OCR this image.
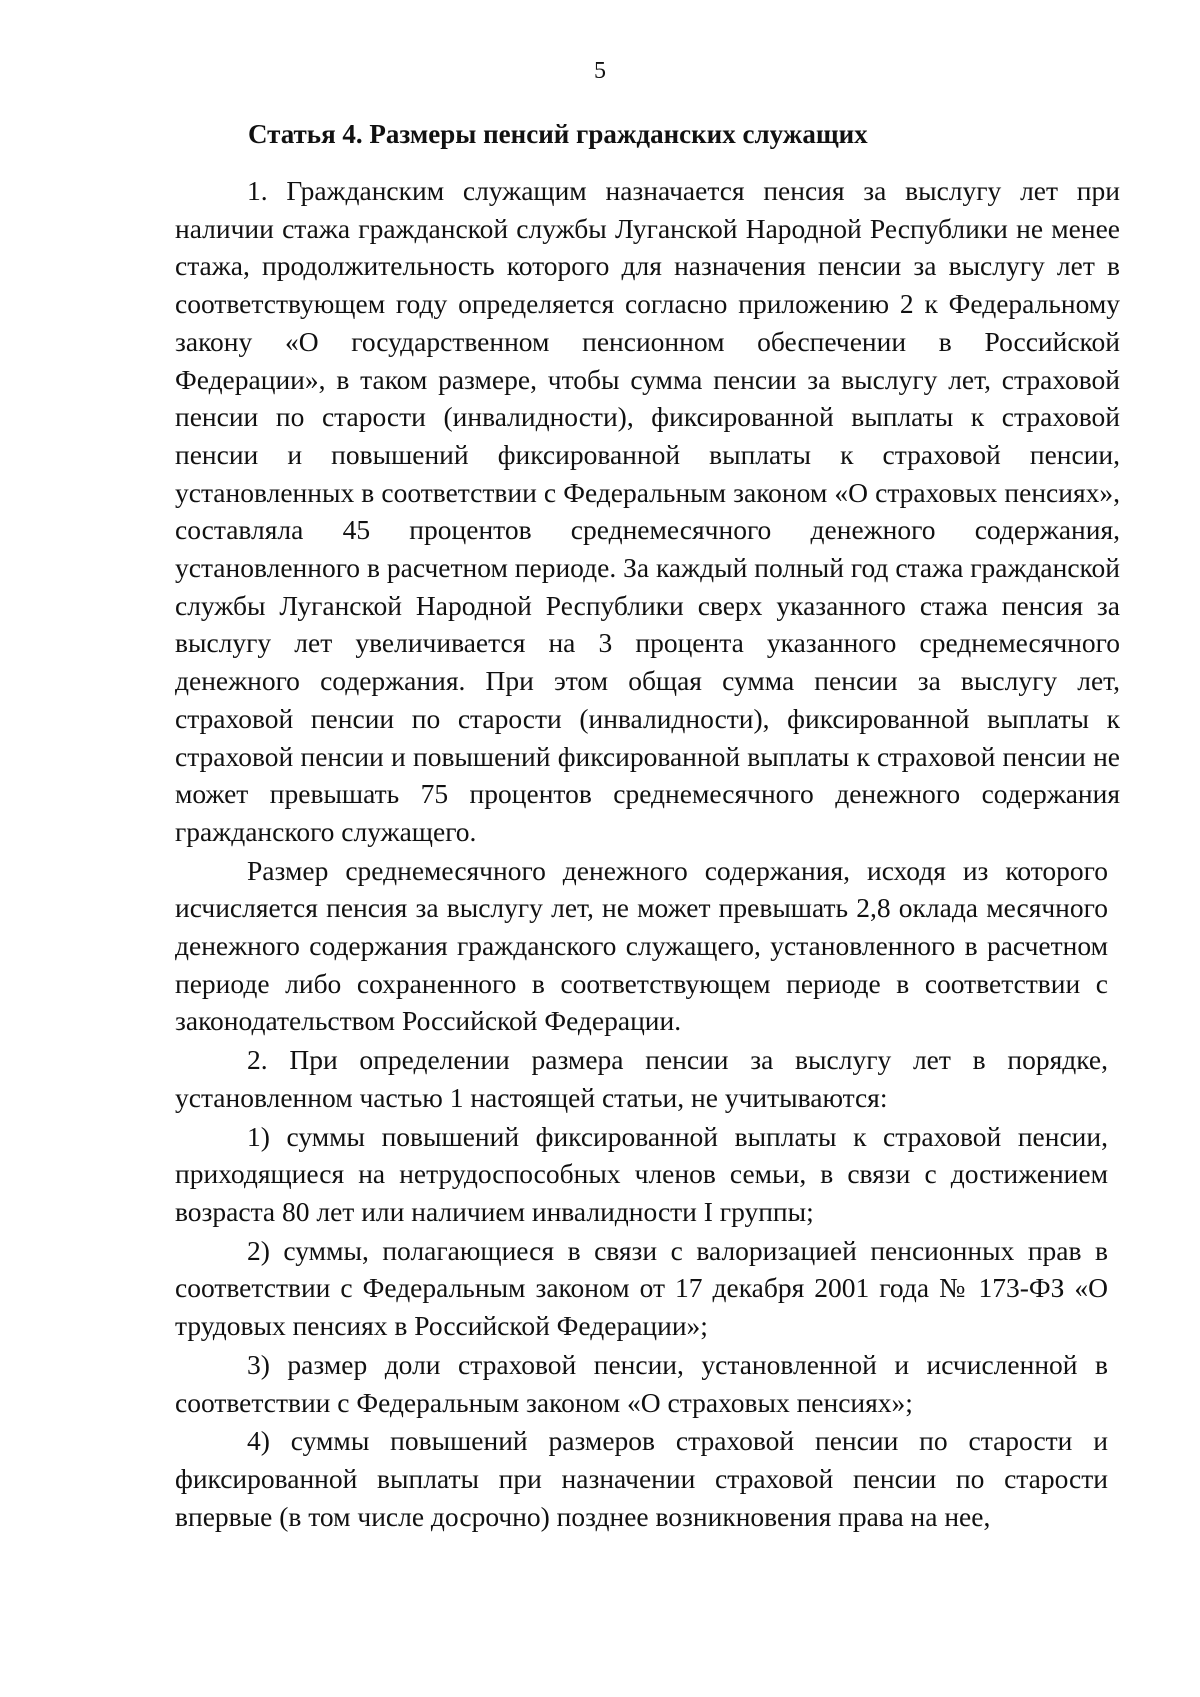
5
Статья 4. Размеры пенсий гражданских служащих

1. Гражданским служащим назначается пенсия за выслугу лет при наличии стажа гражданской службы Луганской Народной Республики не менее стажа, продолжительность которого для назначения пенсии за выслугу лет в соответствующем году определяется согласно приложению 2 к Федеральному закону «О государственном пенсионном обеспечении в Российской Федерации», в таком размере, чтобы сумма пенсии за выслугу лет, страховой пенсии по старости (инвалидности), фиксированной выплаты к страховой пенсии и повышений фиксированной выплаты к страховой пенсии, установленных в соответствии с Федеральным законом «О страховых пенсиях», составляла 45 процентов среднемесячного денежного содержания, установленного в расчетном периоде. За каждый полный год стажа гражданской службы Луганской Народной Республики сверх указанного стажа пенсия за выслугу лет увеличивается на 3 процента указанного среднемесячного денежного содержания. При этом общая сумма пенсии за выслугу лет, страховой пенсии по старости (инвалидности), фиксированной выплаты к страховой пенсии и повышений фиксированной выплаты к страховой пенсии не может превышать 75 процентов среднемесячного денежного содержания гражданского служащего.

Размер среднемесячного денежного содержания, исходя из которого исчисляется пенсия за выслугу лет, не может превышать 2,8 оклада месячного денежного содержания гражданского служащего, установленного в расчетном периоде либо сохраненного в соответствующем периоде в соответствии с законодательством Российской Федерации.

2. При определении размера пенсии за выслугу лет в порядке, установленном частью 1 настоящей статьи, не учитываются:

1) суммы повышений фиксированной выплаты к страховой пенсии, приходящиеся на нетрудоспособных членов семьи, в связи с достижением возраста 80 лет или наличием инвалидности I группы;

2) суммы, полагающиеся в связи с валоризацией пенсионных прав в соответствии с Федеральным законом от 17 декабря 2001 года № 173-ФЗ «О трудовых пенсиях в Российской Федерации»;

3) размер доли страховой пенсии, установленной и исчисленной в соответствии с Федеральным законом «О страховых пенсиях»;

4) суммы повышений размеров страховой пенсии по старости и фиксированной выплаты при назначении страховой пенсии по старости впервые (в том числе досрочно) позднее возникновения права на нее,
